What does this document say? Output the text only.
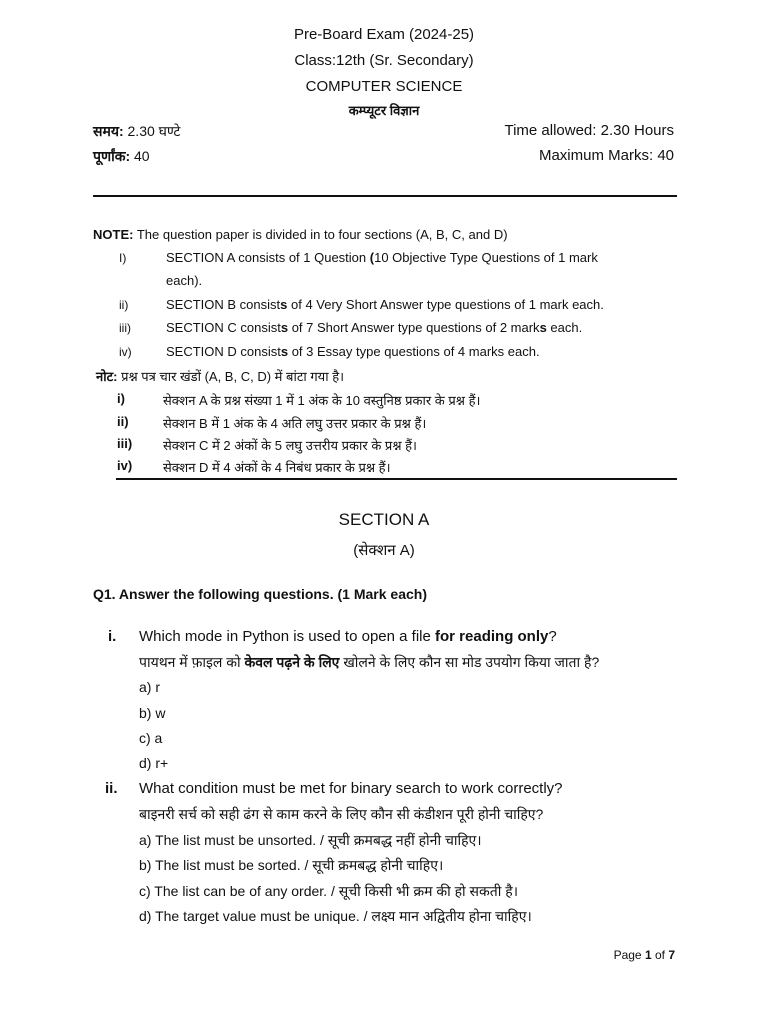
Pre-Board Exam (2024-25)
Class:12th (Sr. Secondary)
COMPUTER SCIENCE
कम्प्यूटर विज्ञान
समय: 2.30 घण्टे	Time allowed: 2.30 Hours
पूर्णांक: 40	Maximum Marks: 40
NOTE: The question paper is divided in to four sections (A, B, C, and D)
I)	SECTION A consists of 1 Question (10 Objective Type Questions of 1 mark
each).
ii)	SECTION B consists of 4 Very Short Answer type questions of 1 mark each.
iii)	SECTION C consists of 7 Short Answer type questions of 2 marks each.
iv)	SECTION D consists of 3 Essay type questions of 4 marks each.
नोट: प्रश्न पत्र चार खंडों (A, B, C, D) में बांटा गया है।
i)	सेक्शन A के प्रश्न संख्या 1 में 1 अंक के 10 वस्तुनिष्ठ प्रकार के प्रश्न हैं।
ii)	सेक्शन B में 1 अंक के 4 अति लघु उत्तर प्रकार के प्रश्न हैं।
iii) सेक्शन C में 2 अंकों के 5 लघु उत्तरीय प्रकार के प्रश्न हैं।
iv) सेक्शन D में 4 अंकों के 4 निबंध प्रकार के प्रश्न हैं।
SECTION A
(सेक्शन A)
Q1. Answer the following questions. (1 Mark each)
i. Which mode in Python is used to open a file for reading only?
पायथन में फ़ाइल को केवल पढ़ने के लिए खोलने के लिए कौन सा मोड उपयोग किया जाता है?
a) r
b) w
c) a
d) r+
ii. What condition must be met for binary search to work correctly?
बाइनरी सर्च को सही ढंग से काम करने के लिए कौन सी कंडीशन पूरी होनी चाहिए?
a) The list must be unsorted. / सूची क्रमबद्ध नहीं होनी चाहिए।
b) The list must be sorted. / सूची क्रमबद्ध होनी चाहिए।
c) The list can be of any order. / सूची किसी भी क्रम की हो सकती है।
d) The target value must be unique. / लक्ष्य मान अद्वितीय होना चाहिए।
Page 1 of 7
